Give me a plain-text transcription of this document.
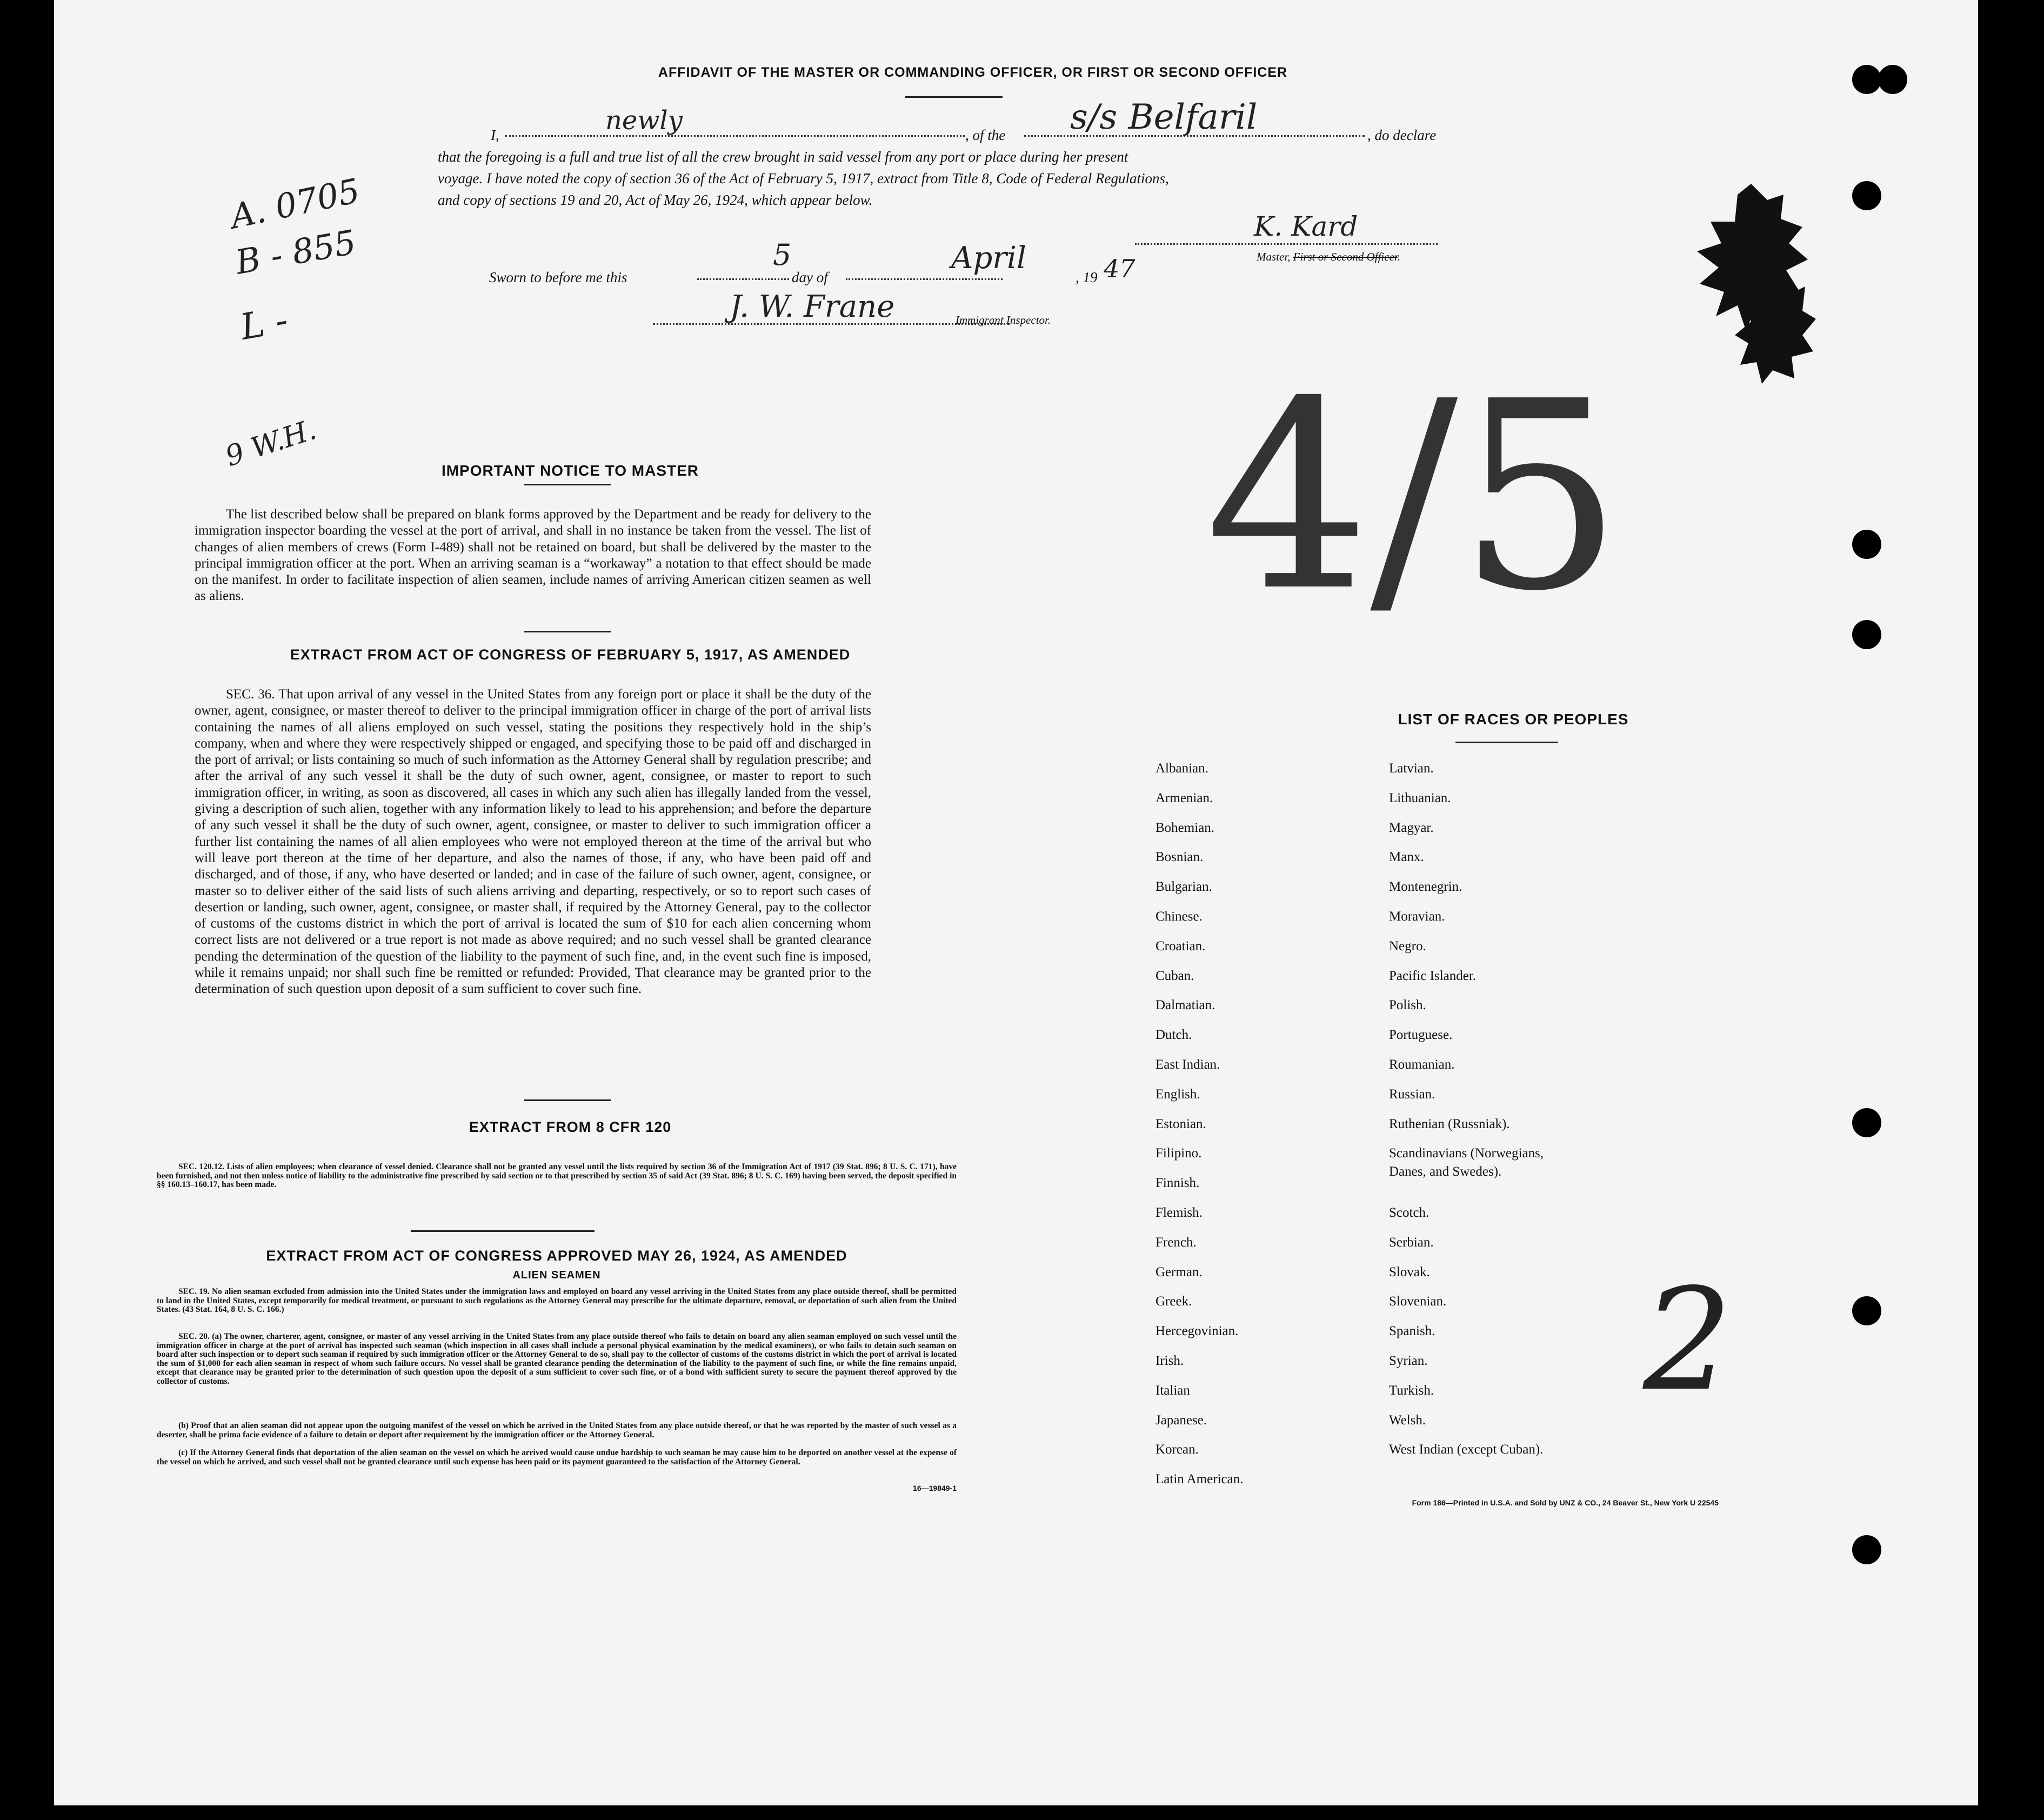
AFFIDAVIT OF THE MASTER OR COMMANDING OFFICER, OR FIRST OR SECOND OFFICER
I,	newly	, of the s/s Belfaril	, do declare
that the foregoing is a full and true list of all the crew brought in said vessel from any port or place during her present
voyage. I have noted the copy of section 36 of the Act of February 5, 1917, extract from Title 8, Code of Federal Regulations,
and copy of sections 19 and 20, Act of May 26, 1924, which appear below.
Sworn to before me this
5
day of
April
, 19 47
K. Kard
Master, First or Second Officer.
J. W. Frane	Immigrant Inspector.
A. 0705
B - 855
L -
9 W.H.	IMPORTANT NOTICE TO MASTER
The list described below shall be prepared on blank forms approved by the Department and be ready for delivery to the immigration inspector boarding the vessel at the port of arrival, and shall in no instance be taken from the vessel. The list of changes of alien members of crews (Form I-489) shall not be retained on board, but shall be delivered by the master to the principal immigration officer at the port. When an arriving seaman is a “workaway” a notation to that effect should be made on the manifest. In order to facilitate inspection of alien seamen, include names of arriving American citizen seamen as well as aliens.
EXTRACT FROM ACT OF CONGRESS OF FEBRUARY 5, 1917, AS AMENDED
SEC. 36. That upon arrival of any vessel in the United States from any foreign port or place it shall be the duty of the owner, agent, consignee, or master thereof to deliver to the principal immigration officer in charge of the port of arrival lists containing the names of all aliens employed on such vessel, stating the positions they respectively hold in the ship’s company, when and where they were respectively shipped or engaged, and specifying those to be paid off and discharged in the port of arrival; or lists containing so much of such information as the Attorney General shall by regulation prescribe; and after the arrival of any such vessel it shall be the duty of such owner, agent, consignee, or master to report to such immigration officer, in writing, as soon as discovered, all cases in which any such alien has illegally landed from the vessel, giving a description of such alien, together with any information likely to lead to his apprehension; and before the departure of any such vessel it shall be the duty of such owner, agent, consignee, or master to deliver to such immigration officer a further list containing the names of all alien employees who were not employed thereon at the time of the arrival but who will leave port thereon at the time of her departure, and also the names of those, if any, who have been paid off and discharged, and of those, if any, who have deserted or landed; and in case of the failure of such owner, agent, consignee, or master so to deliver either of the said lists of such aliens arriving and departing, respectively, or so to report such cases of desertion or landing, such owner, agent, consignee, or master shall, if required by the Attorney General, pay to the collector of customs of the customs district in which the port of arrival is located the sum of $10 for each alien concerning whom correct lists are not delivered or a true report is not made as above required; and no such vessel shall be granted clearance pending the determination of the question of the liability to the payment of such fine, and, in the event such fine is imposed, while it remains unpaid; nor shall such fine be remitted or refunded: Provided, That clearance may be granted prior to the determination of such question upon deposit of a sum sufficient to cover such fine.
EXTRACT FROM 8 CFR 120
SEC. 120.12. Lists of alien employees; when clearance of vessel denied. Clearance shall not be granted any vessel until the lists required by section 36 of the Immigration Act of 1917 (39 Stat. 896; 8 U. S. C. 171), have been furnished, and not then unless notice of liability to the administrative fine prescribed by said section or to that prescribed by section 35 of said Act (39 Stat. 896; 8 U. S. C. 169) having been served, the deposit specified in §§ 160.13–160.17, has been made.
EXTRACT FROM ACT OF CONGRESS APPROVED MAY 26, 1924, AS AMENDED
ALIEN SEAMEN
SEC. 19. No alien seaman excluded from admission into the United States under the immigration laws and employed on board any vessel arriving in the United States from any place outside thereof, shall be permitted to land in the United States, except temporarily for medical treatment, or pursuant to such regulations as the Attorney General may prescribe for the ultimate departure, removal, or deportation of such alien from the United States. (43 Stat. 164, 8 U. S. C. 166.)
SEC. 20. (a) The owner, charterer, agent, consignee, or master of any vessel arriving in the United States from any place outside thereof who fails to detain on board any alien seaman employed on such vessel until the immigration officer in charge at the port of arrival has inspected such seaman (which inspection in all cases shall include a personal physical examination by the medical examiners), or who fails to detain such seaman on board after such inspection or to deport such seaman if required by such immigration officer or the Attorney General to do so, shall pay to the collector of customs of the customs district in which the port of arrival is located the sum of $1,000 for each alien seaman in respect of whom such failure occurs. No vessel shall be granted clearance pending the determination of the liability to the payment of such fine, or while the fine remains unpaid, except that clearance may be granted prior to the determination of such question upon the deposit of a sum sufficient to cover such fine, or of a bond with sufficient surety to secure the payment thereof approved by the collector of customs.
(b) Proof that an alien seaman did not appear upon the outgoing manifest of the vessel on which he arrived in the United States from any place outside thereof, or that he was reported by the master of such vessel as a deserter, shall be prima facie evidence of a failure to detain or deport after requirement by the immigration officer or the Attorney General.
(c) If the Attorney General finds that deportation of the alien seaman on the vessel on which he arrived would cause undue hardship to such seaman he may cause him to be deported on another vessel at the expense of the vessel on which he arrived, and such vessel shall not be granted clearance until such expense has been paid or its payment guaranteed to the satisfaction of the Attorney General.
16—19849-1
4/5
2
LIST OF RACES OR PEOPLES
Albanian.
Armenian.
Bohemian.
Bosnian.
Bulgarian.
Chinese.
Croatian.
Cuban.
Dalmatian.
Dutch.
East Indian.
English.
Estonian.
Filipino.
Finnish.
Flemish.
French.
German.
Greek.
Hercegovinian.
Irish.
Italian
Japanese.
Korean.
Latin American.
Latvian.
Lithuanian.
Magyar.
Manx.
Montenegrin.
Moravian.
Negro.
Pacific Islander.
Polish.
Portuguese.
Roumanian.
Russian.
Ruthenian (Russniak).
Scandinavians (Norwegians,
Danes, and Swedes).
Scotch.
Serbian.
Slovak.
Slovenian.
Spanish.
Syrian.
Turkish.
Welsh.
West Indian (except Cuban).
Form 186—Printed in U.S.A. and Sold by UNZ & CO., 24 Beaver St., New York U 22545
